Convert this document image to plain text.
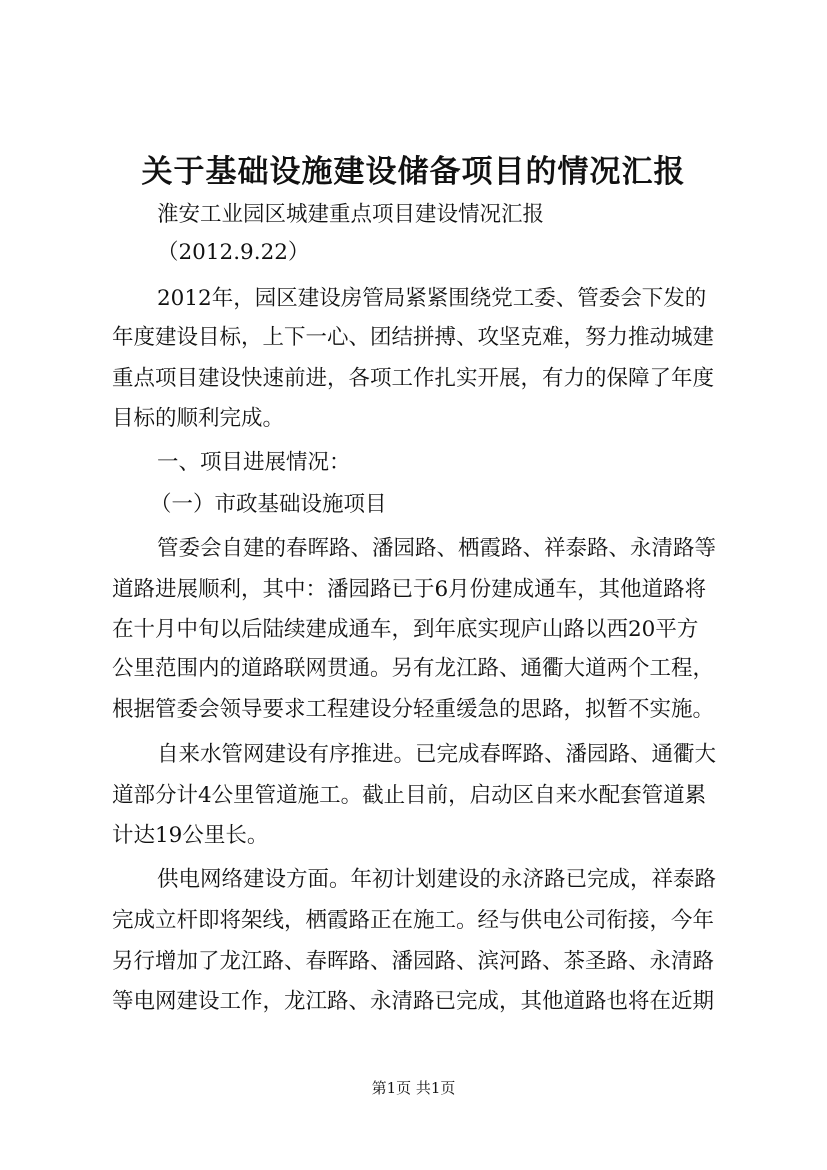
关于基础设施建设储备项目的情况汇报
淮安工业园区城建重点项目建设情况汇报
（2012.9.22）
2012年，园区建设房管局紧紧围绕党工委、管委会下发的
年度建设目标，上下一心、团结拼搏、攻坚克难，努力推动城建
重点项目建设快速前进，各项工作扎实开展，有力的保障了年度
目标的顺利完成。
一、项目进展情况：
（一）市政基础设施项目
管委会自建的春晖路、潘园路、栖霞路、祥泰路、永清路等
道路进展顺利，其中：潘园路已于6月份建成通车，其他道路将
在十月中旬以后陆续建成通车，到年底实现庐山路以西20平方
公里范围内的道路联网贯通。另有龙江路、通衢大道两个工程，
根据管委会领导要求工程建设分轻重缓急的思路，拟暂不实施。
自来水管网建设有序推进。已完成春晖路、潘园路、通衢大
道部分计4公里管道施工。截止目前，启动区自来水配套管道累
计达19公里长。
供电网络建设方面。年初计划建设的永济路已完成，祥泰路
完成立杆即将架线，栖霞路正在施工。经与供电公司衔接，今年
另行增加了龙江路、春晖路、潘园路、滨河路、茶圣路、永清路
等电网建设工作，龙江路、永清路已完成，其他道路也将在近期
第1页 共1页
